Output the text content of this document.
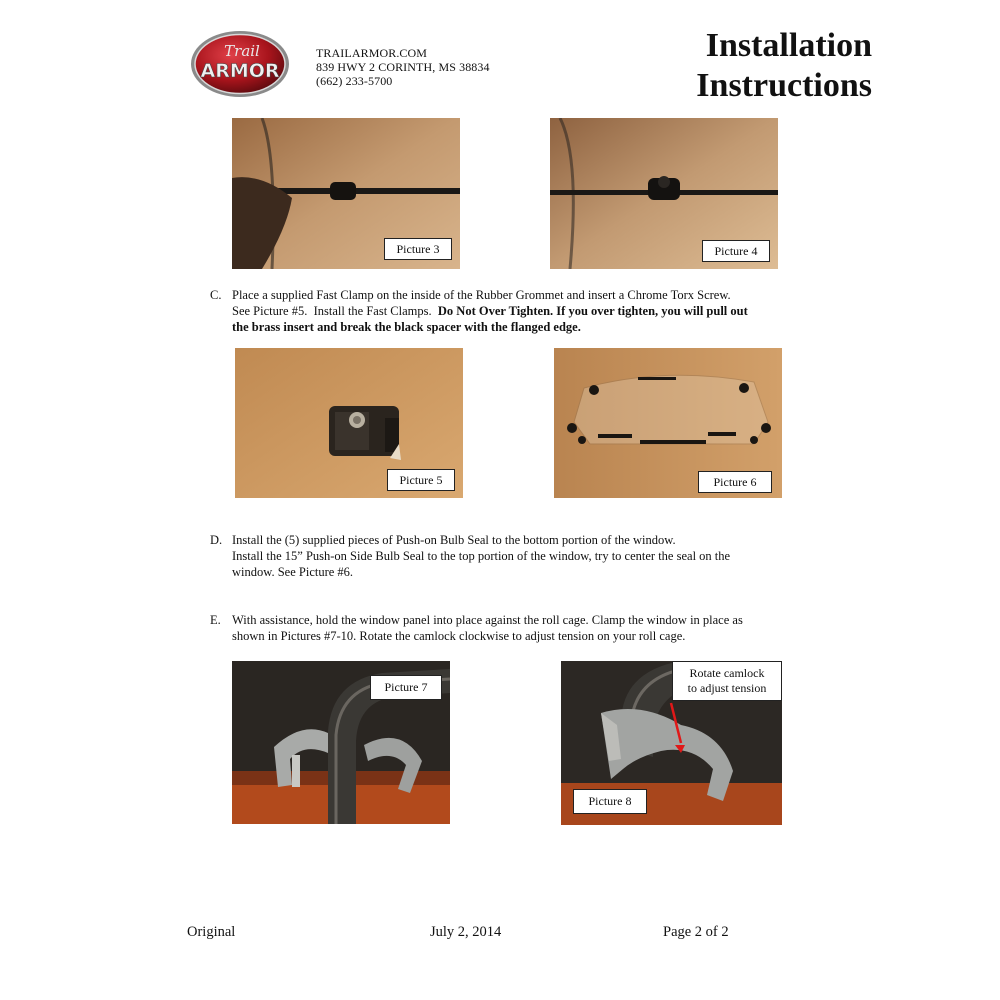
Trail
ARMOR
TRAILARMOR.COM
839 HWY 2 CORINTH, MS 38834
(662) 233-5700
Installation
Instructions
Picture 3	Picture 4
C. Place a supplied Fast Clamp on the inside of the Rubber Grommet and insert a Chrome Torx Screw.
See Picture #5.  Install the Fast Clamps.  Do Not Over Tighten. If you over tighten, you will pull out
the brass insert and break the black spacer with the flanged edge.
Picture 5	Picture 6
D. Install the (5) supplied pieces of Push-on Bulb Seal to the bottom portion of the window.
Install the 15” Push-on Side Bulb Seal to the top portion of the window, try to center the seal on the
window. See Picture #6.
E. With assistance, hold the window panel into place against the roll cage. Clamp the window in place as
shown in Pictures #7-10. Rotate the camlock clockwise to adjust tension on your roll cage.
Picture 7
Rotate camlock
to adjust tension
Picture 8
Original	July 2, 2014	Page 2 of 2
